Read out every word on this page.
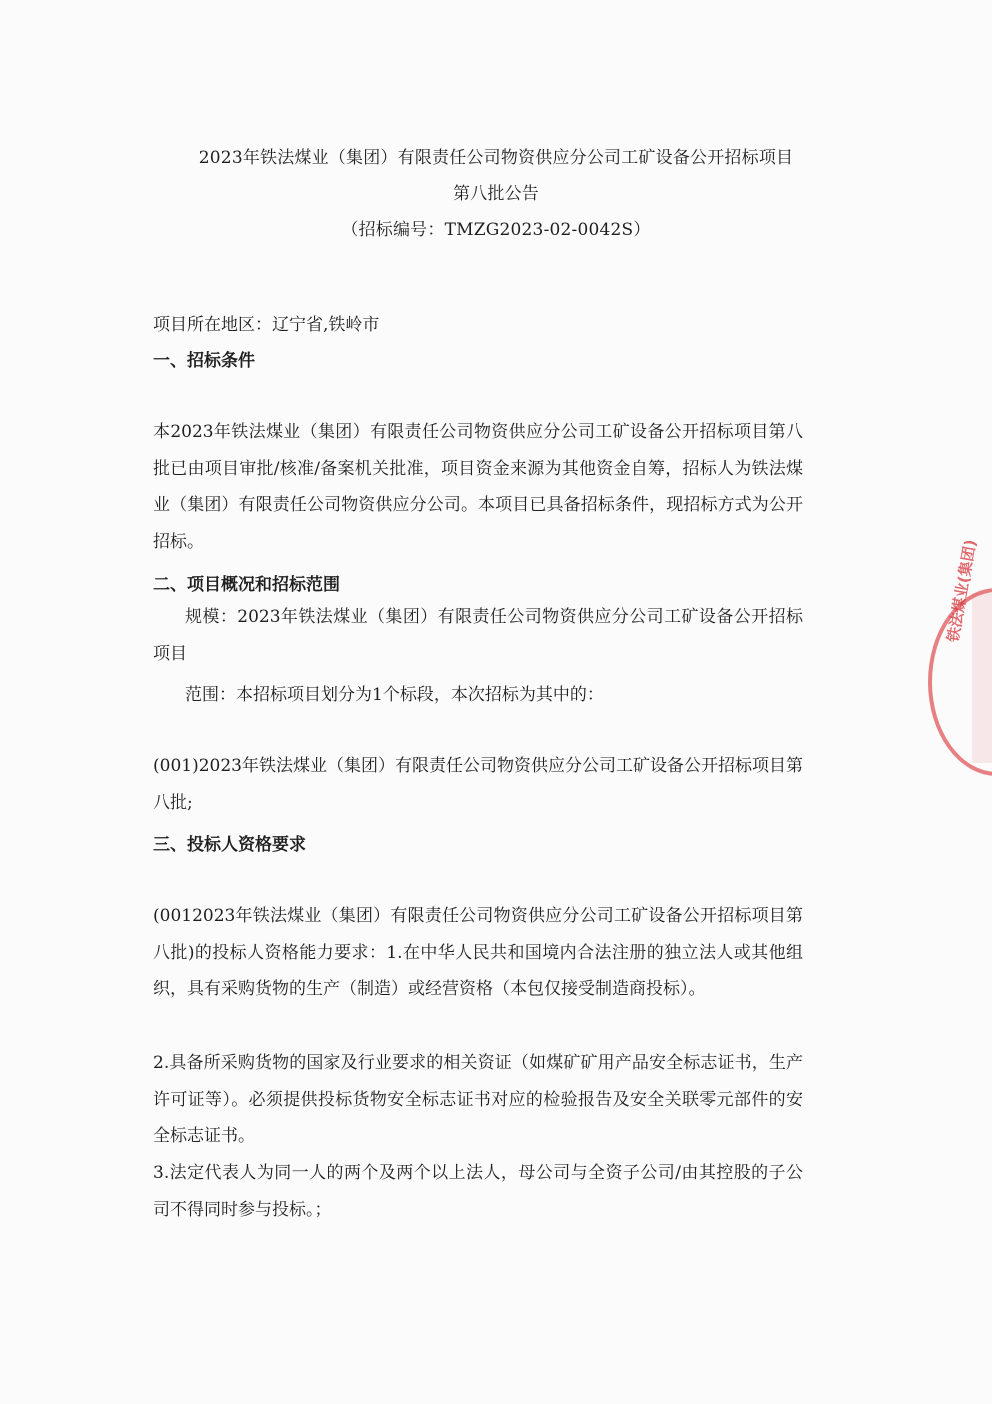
2023年铁法煤业（集团）有限责任公司物资供应分公司工矿设备公开招标项目
第八批公告
（招标编号：TMZG2023-02-0042S）
项目所在地区：辽宁省,铁岭市
一、招标条件
本2023年铁法煤业（集团）有限责任公司物资供应分公司工矿设备公开招标项目第八批已由项目审批/核准/备案机关批准，项目资金来源为其他资金自筹，招标人为铁法煤业（集团）有限责任公司物资供应分公司。本项目已具备招标条件，现招标方式为公开招标。
二、项目概况和招标范围
规模：2023年铁法煤业（集团）有限责任公司物资供应分公司工矿设备公开招标项目
范围：本招标项目划分为1个标段，本次招标为其中的：
(001)2023年铁法煤业（集团）有限责任公司物资供应分公司工矿设备公开招标项目第八批;
三、投标人资格要求
(0012023年铁法煤业（集团）有限责任公司物资供应分公司工矿设备公开招标项目第八批)的投标人资格能力要求：1.在中华人民共和国境内合法注册的独立法人或其他组织，具有采购货物的生产（制造）或经营资格（本包仅接受制造商投标）。
2.具备所采购货物的国家及行业要求的相关资证（如煤矿矿用产品安全标志证书，生产许可证等）。必须提供投标货物安全标志证书对应的检验报告及安全关联零元部件的安全标志证书。
3.法定代表人为同一人的两个及两个以上法人，母公司与全资子公司/由其控股的子公司不得同时参与投标。；
铁法煤业(集团)
